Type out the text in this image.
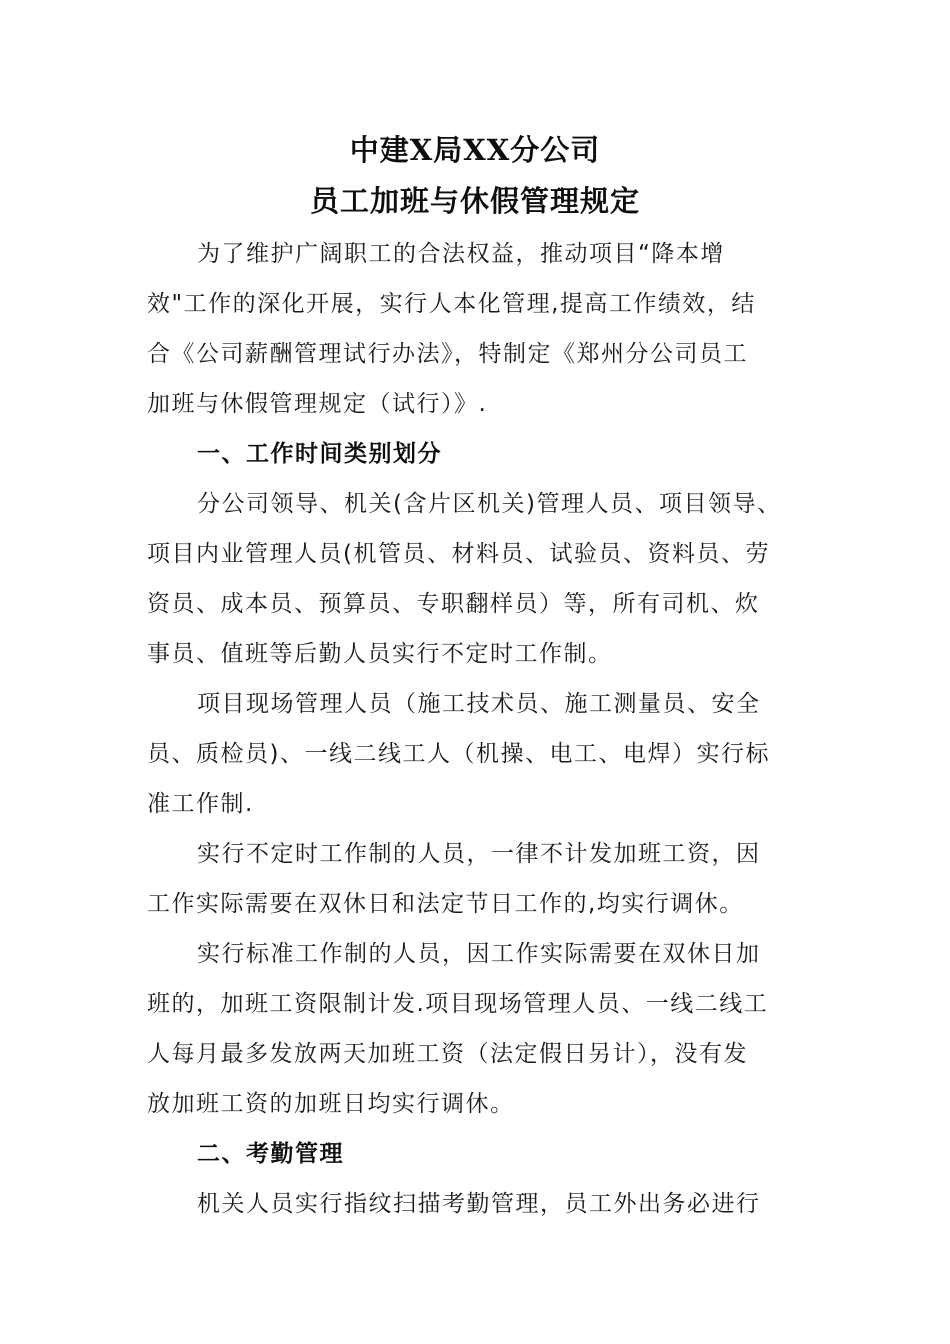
中建X局XX分公司
员工加班与休假管理规定
为了维护广阔职工的合法权益，推动项目“降本增
效"工作的深化开展，实行人本化管理,提高工作绩效，结
合《公司薪酬管理试行办法》，特制定《郑州分公司员工
加班与休假管理规定（试行）》.
一、工作时间类别划分
分公司领导、机关(含片区机关)管理人员、项目领导、
项目内业管理人员(机管员、材料员、试验员、资料员、劳
资员、成本员、预算员、专职翻样员）等，所有司机、炊
事员、值班等后勤人员实行不定时工作制。
项目现场管理人员（施工技术员、施工测量员、安全
员、质检员)、一线二线工人（机操、电工、电焊）实行标
准工作制.
实行不定时工作制的人员，一律不计发加班工资，因
工作实际需要在双休日和法定节日工作的,均实行调休。
实行标准工作制的人员，因工作实际需要在双休日加
班的，加班工资限制计发.项目现场管理人员、一线二线工
人每月最多发放两天加班工资（法定假日另计），没有发
放加班工资的加班日均实行调休。
二、考勤管理
机关人员实行指纹扫描考勤管理，员工外出务必进行
